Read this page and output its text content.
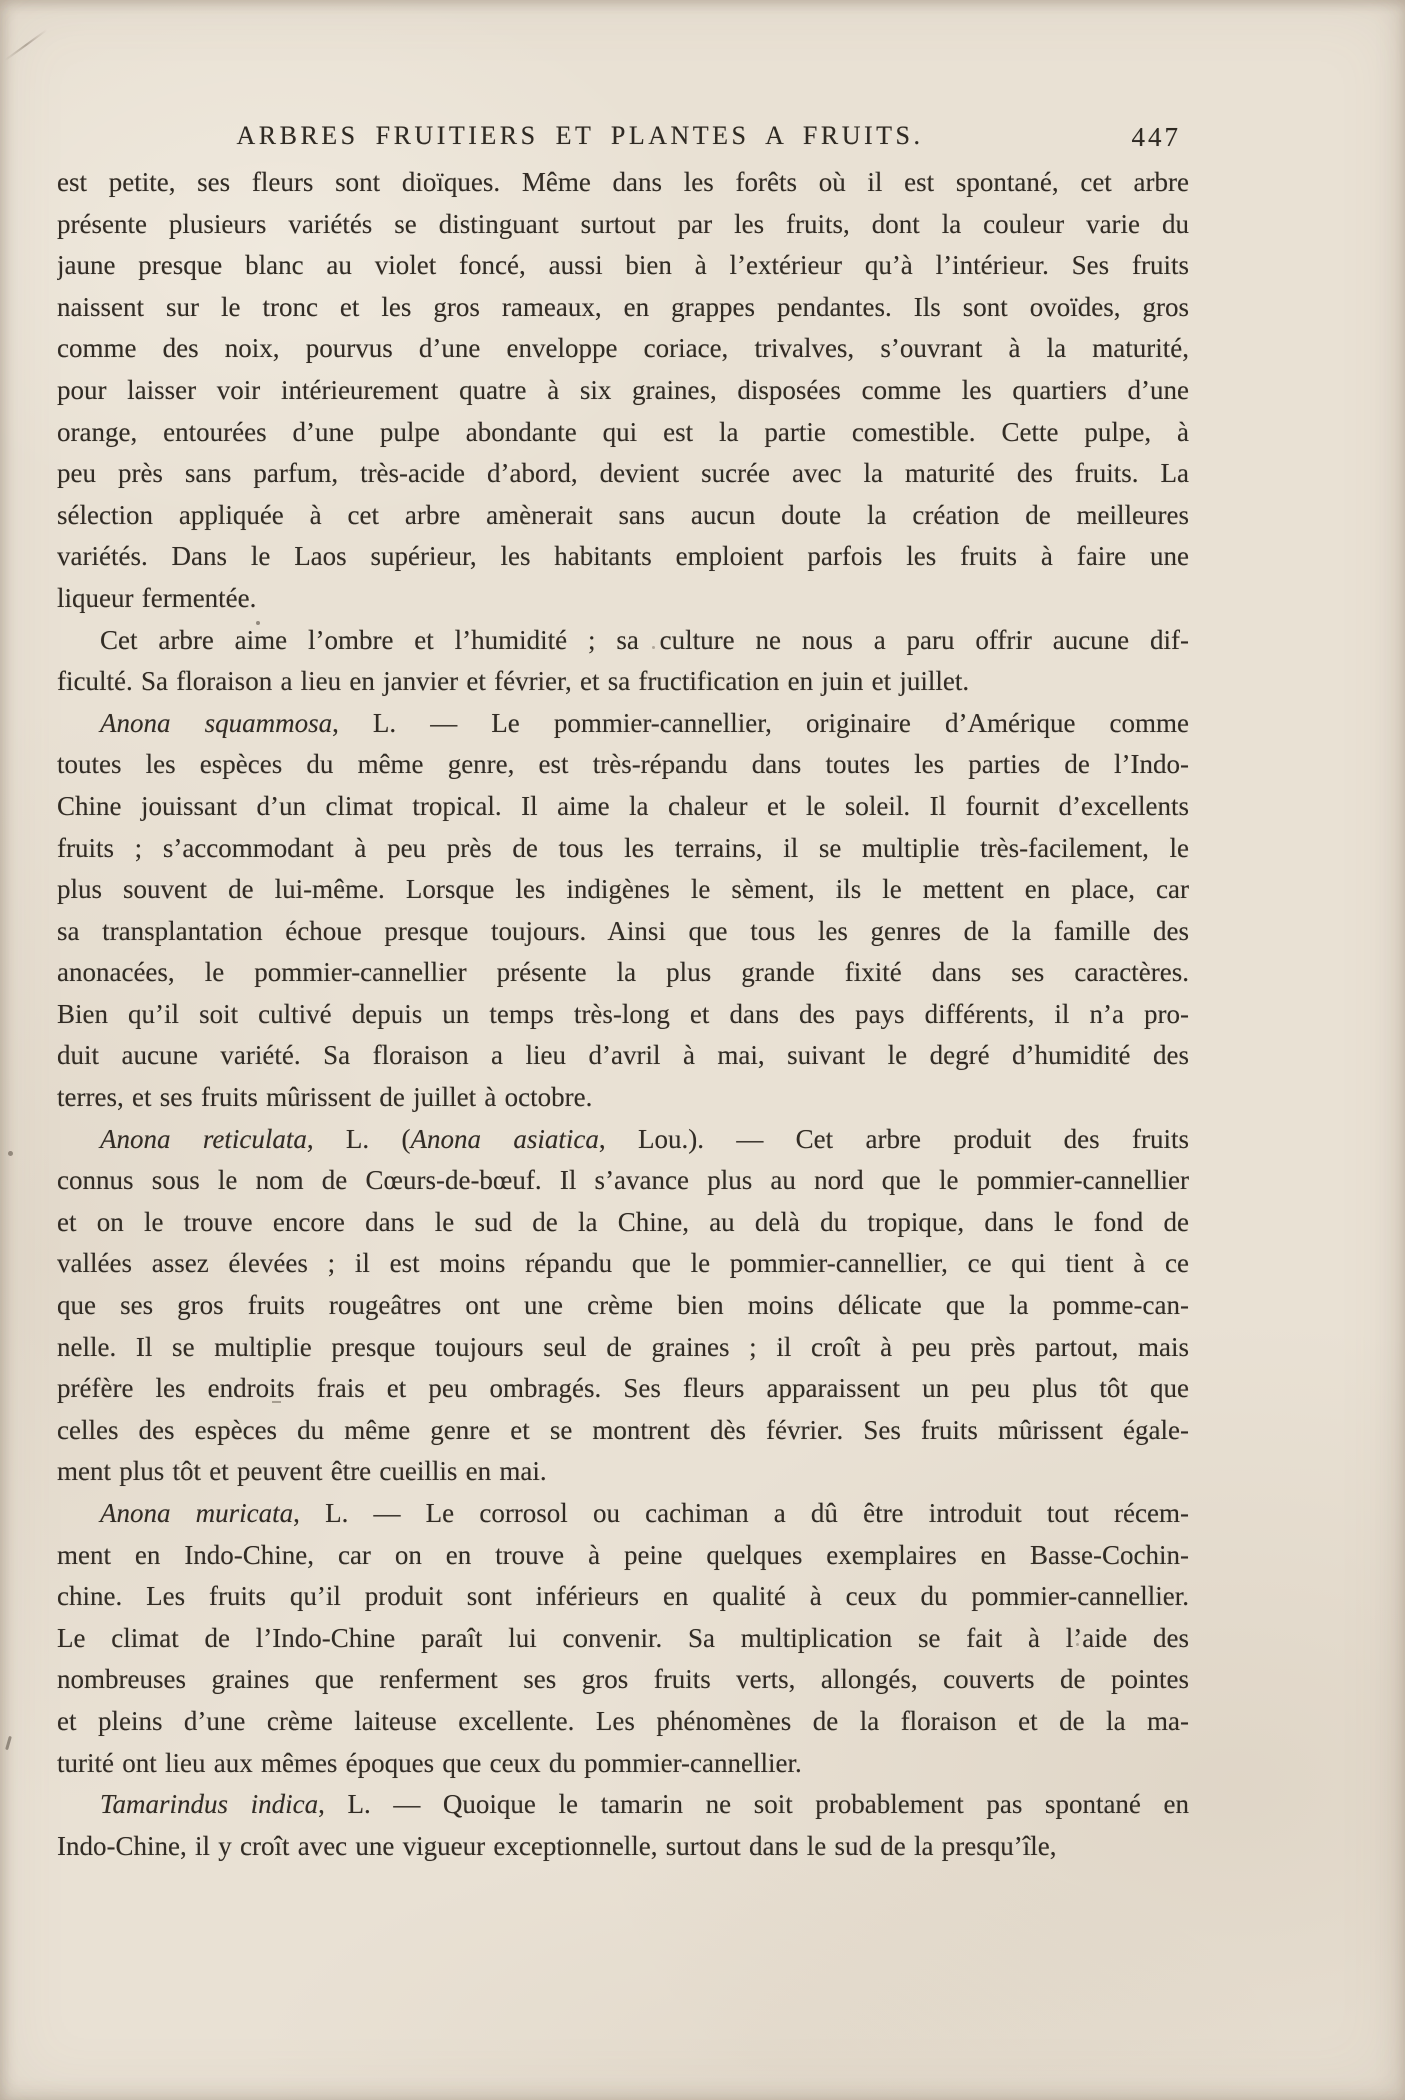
ARBRES FRUITIERS ET PLANTES A FRUITS.	447
est petite, ses fleurs sont dioïques. Même dans les forêts où il est spontané, cet arbre
présente plusieurs variétés se distinguant surtout par les fruits, dont la couleur varie du
jaune presque blanc au violet foncé, aussi bien à l’extérieur qu’à l’intérieur. Ses fruits
naissent sur le tronc et les gros rameaux, en grappes pendantes. Ils sont ovoïdes, gros
comme des noix, pourvus d’une enveloppe coriace, trivalves, s’ouvrant à la maturité,
pour laisser voir intérieurement quatre à six graines, disposées comme les quartiers d’une
orange, entourées d’une pulpe abondante qui est la partie comestible. Cette pulpe, à
peu près sans parfum, très-acide d’abord, devient sucrée avec la maturité des fruits. La
sélection appliquée à cet arbre amènerait sans aucun doute la création de meilleures
variétés. Dans le Laos supérieur, les habitants emploient parfois les fruits à faire une
liqueur fermentée.
Cet arbre aime l’ombre et l’humidité ; sa culture ne nous a paru offrir aucune dif-
ficulté. Sa floraison a lieu en janvier et février, et sa fructification en juin et juillet.
Anona squammosa, L. — Le pommier-cannellier, originaire d’Amérique comme
toutes les espèces du même genre, est très-répandu dans toutes les parties de l’Indo-
Chine jouissant d’un climat tropical. Il aime la chaleur et le soleil. Il fournit d’excellents
fruits ; s’accommodant à peu près de tous les terrains, il se multiplie très-facilement, le
plus souvent de lui-même. Lorsque les indigènes le sèment, ils le mettent en place, car
sa transplantation échoue presque toujours. Ainsi que tous les genres de la famille des
anonacées, le pommier-cannellier présente la plus grande fixité dans ses caractères.
Bien qu’il soit cultivé depuis un temps très-long et dans des pays différents, il n’a pro-
duit aucune variété. Sa floraison a lieu d’avril à mai, suivant le degré d’humidité des
terres, et ses fruits mûrissent de juillet à octobre.
Anona reticulata, L. (Anona asiatica, Lou.). — Cet arbre produit des fruits
connus sous le nom de Cœurs-de-bœuf. Il s’avance plus au nord que le pommier-cannellier
et on le trouve encore dans le sud de la Chine, au delà du tropique, dans le fond de
vallées assez élevées ; il est moins répandu que le pommier-cannellier, ce qui tient à ce
que ses gros fruits rougeâtres ont une crème bien moins délicate que la pomme-can-
nelle. Il se multiplie presque toujours seul de graines ; il croît à peu près partout, mais
préfère les endroits frais et peu ombragés. Ses fleurs apparaissent un peu plus tôt que
celles des espèces du même genre et se montrent dès février. Ses fruits mûrissent égale-
ment plus tôt et peuvent être cueillis en mai.
Anona muricata, L. — Le corrosol ou cachiman a dû être introduit tout récem-
ment en Indo-Chine, car on en trouve à peine quelques exemplaires en Basse-Cochin-
chine. Les fruits qu’il produit sont inférieurs en qualité à ceux du pommier-cannellier.
Le climat de l’Indo-Chine paraît lui convenir. Sa multiplication se fait à l’aide des
nombreuses graines que renferment ses gros fruits verts, allongés, couverts de pointes
et pleins d’une crème laiteuse excellente. Les phénomènes de la floraison et de la ma-
turité ont lieu aux mêmes époques que ceux du pommier-cannellier.
Tamarindus indica, L. — Quoique le tamarin ne soit probablement pas spontané en
Indo-Chine, il y croît avec une vigueur exceptionnelle, surtout dans le sud de la presqu’île,
